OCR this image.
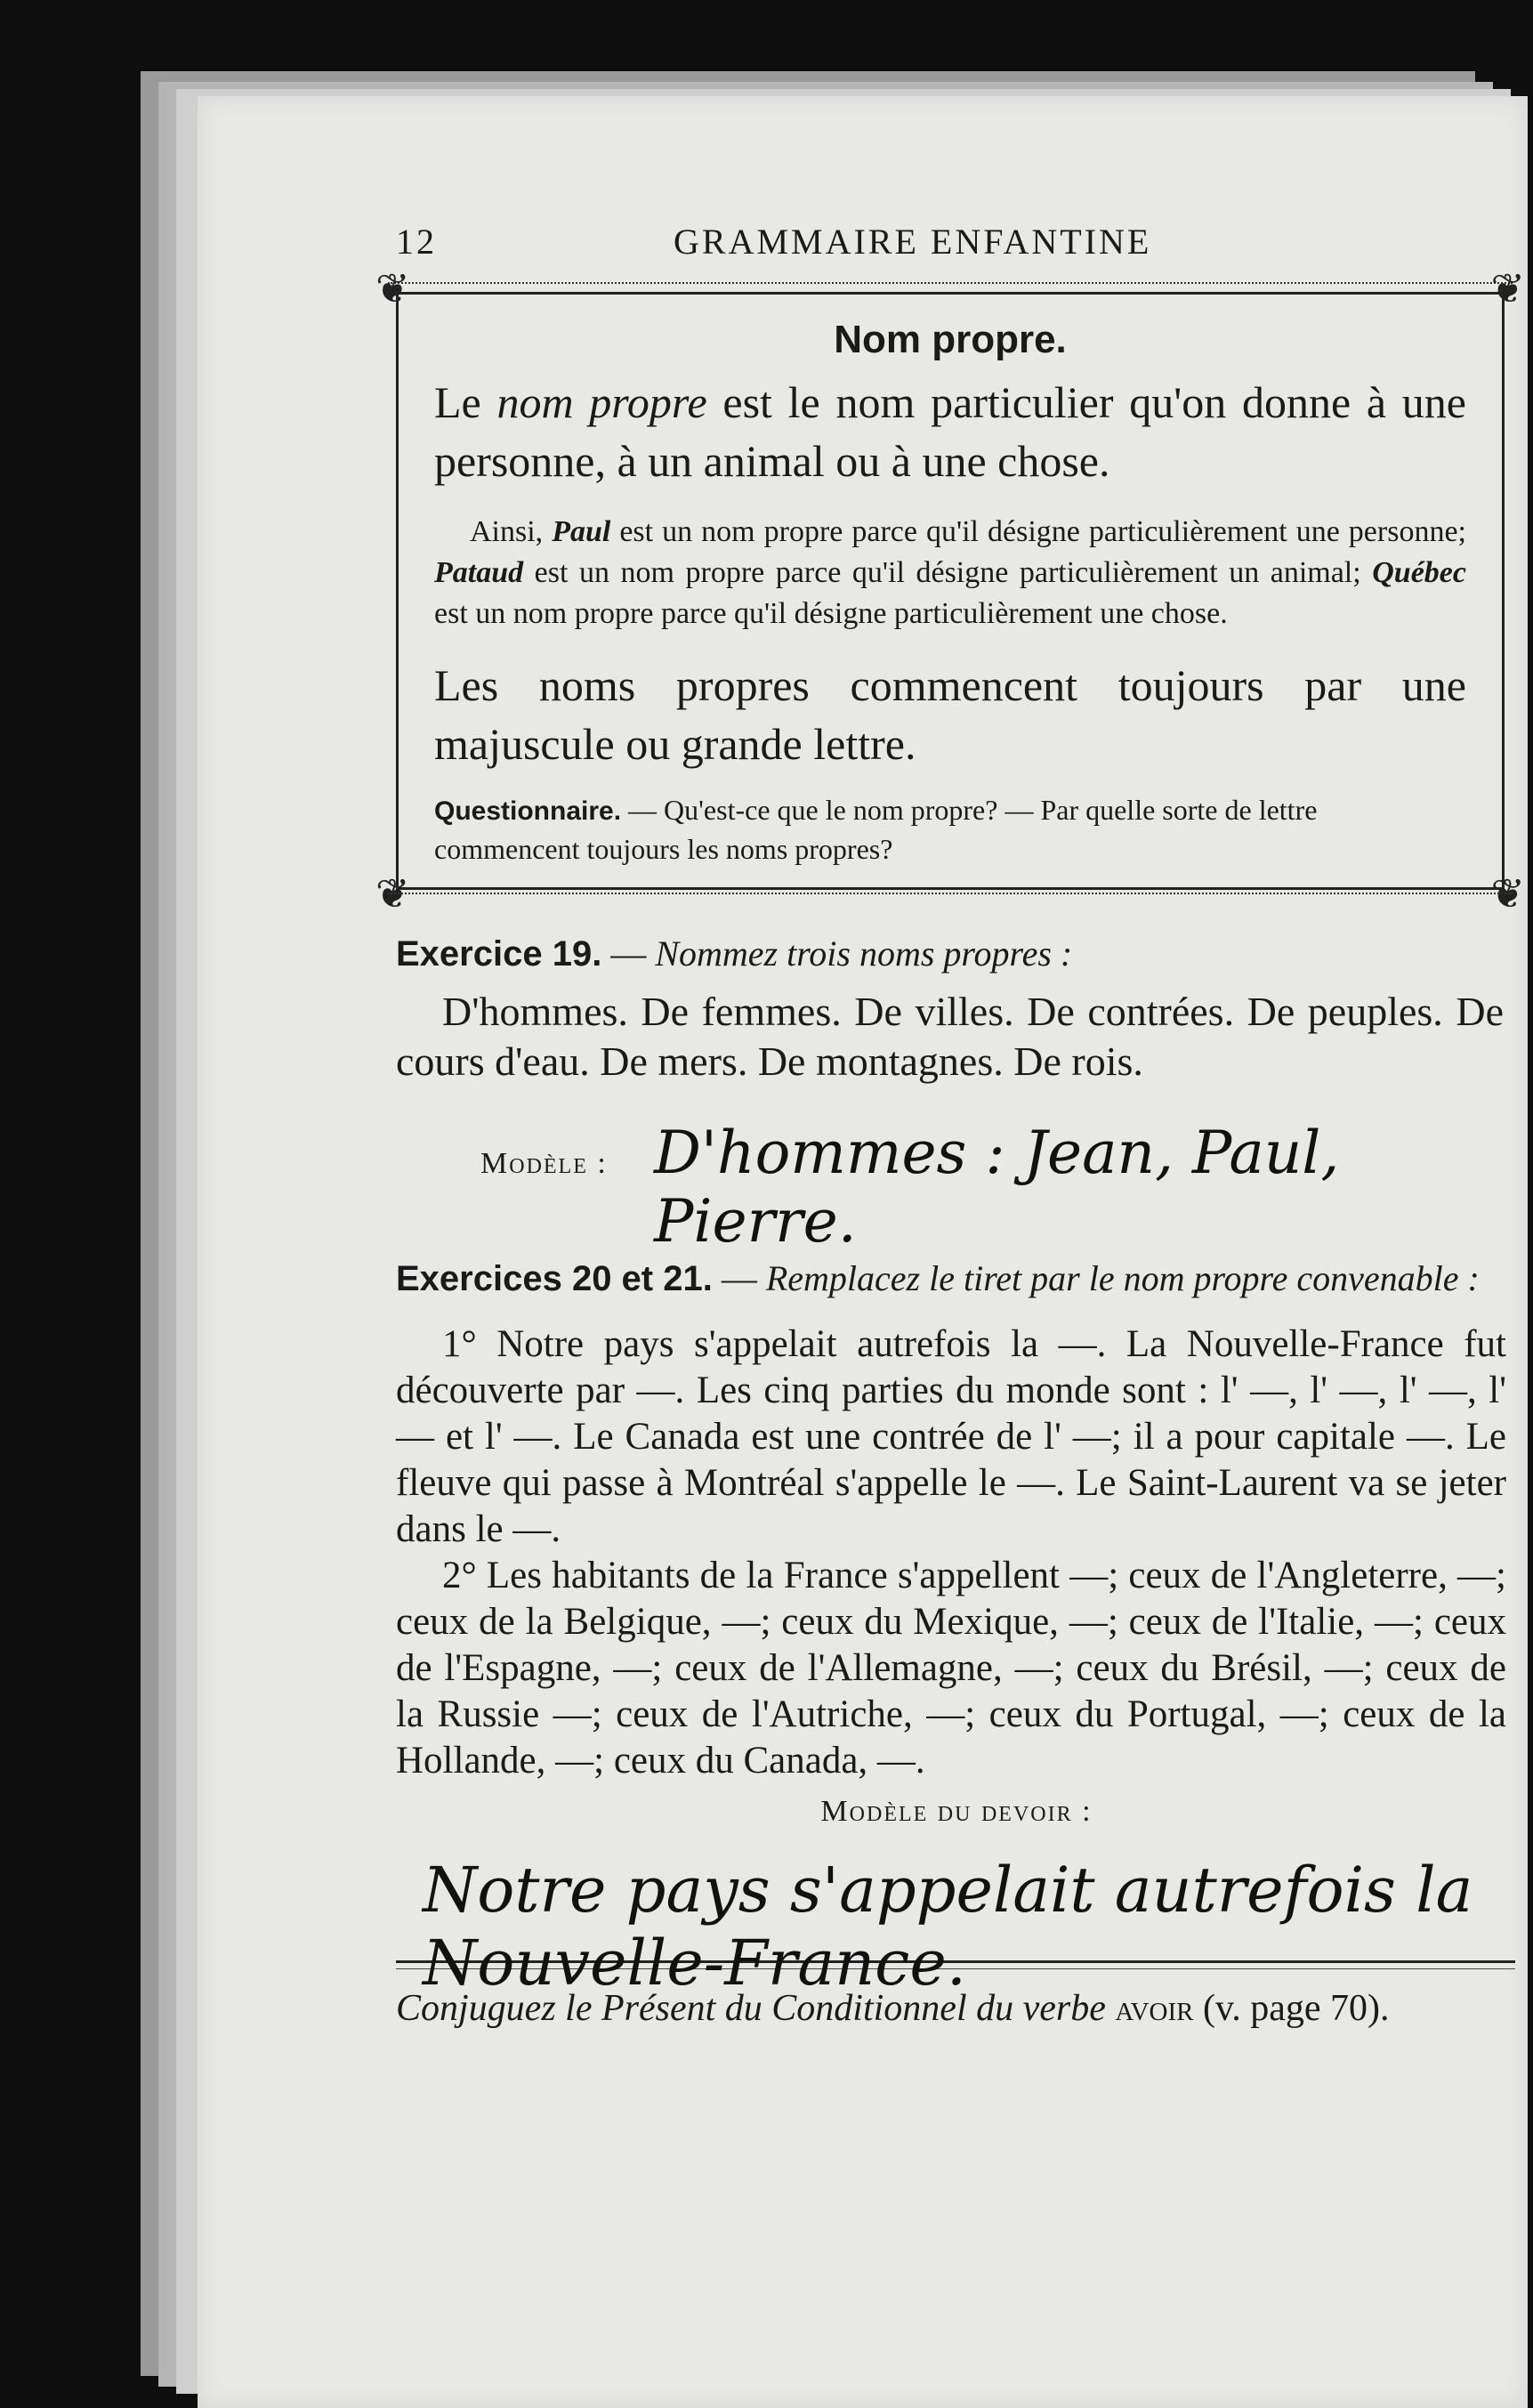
12	GRAMMAIRE ENFANTINE
❦	❦
❦	❦

Nom propre.

Le nom propre est le nom particulier qu'on donne à une personne, à un animal ou à une chose.

Ainsi, Paul est un nom propre parce qu'il désigne particulièrement une personne; Pataud est un nom propre parce qu'il désigne particulièrement un animal; Québec est un nom propre parce qu'il désigne particulièrement une chose.

Les noms propres commencent toujours par une majuscule ou grande lettre.

Questionnaire. — Qu'est-ce que le nom propre? — Par quelle sorte de lettre commencent toujours les noms propres?

Exercice 19. — Nommez trois noms propres :
D'hommes. De femmes. De villes. De contrées. De peuples. De cours d'eau. De mers. De montagnes. De rois.
Modèle : D'hommes : Jean, Paul, Pierre.
Exercices 20 et 21. — Remplacez le tiret par le nom propre convenable :

1° Notre pays s'appelait autrefois la —. La Nouvelle-France fut découverte par —. Les cinq parties du monde sont : l' —, l' —, l' —, l' — et l' —. Le Canada est une contrée de l' —; il a pour capitale —. Le fleuve qui passe à Montréal s'appelle le —. Le Saint-Laurent va se jeter dans le —.

2° Les habitants de la France s'appellent —; ceux de l'Angleterre, —; ceux de la Belgique, —; ceux du Mexique, —; ceux de l'Italie, —; ceux de l'Espagne, —; ceux de l'Allemagne, —; ceux du Brésil, —; ceux de la Russie —; ceux de l'Autriche, —; ceux du Portugal, —; ceux de la Hollande, —; ceux du Canada, —.

Modèle du devoir :
Notre pays s'appelait autrefois la Nouvelle-France.
Conjuguez le Présent du Conditionnel du verbe avoir (v. page 70).
